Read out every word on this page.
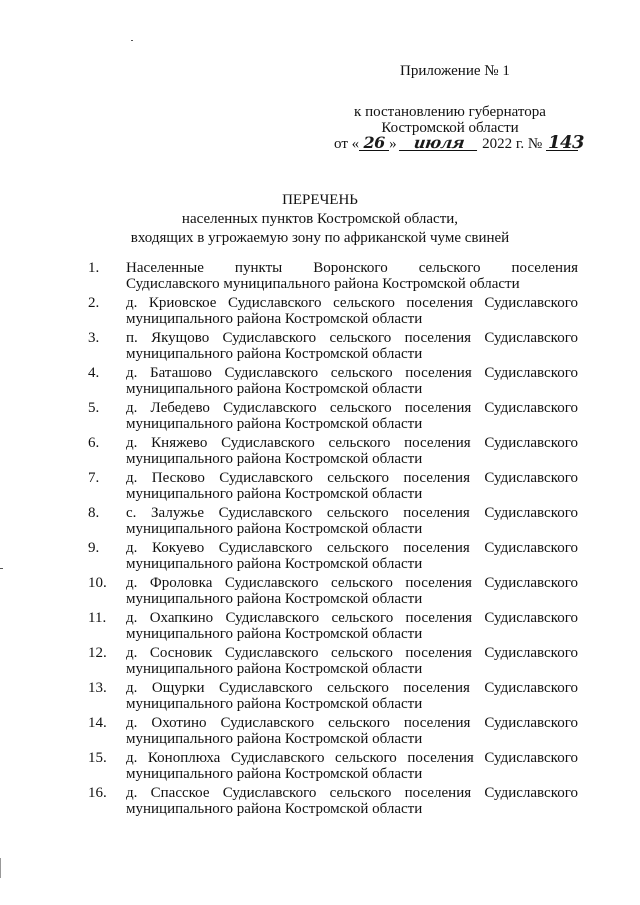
Приложение № 1
к постановлению губернатора
Костромской области
от « 26 » июля 2022 г. № 143
ПЕРЕЧЕНЬ
населенных пунктов Костромской области,
входящих в угрожаемую зону по африканской чуме свиней
1.	Населенные пункты Воронского сельского поселения
Судиславского муниципального района Костромской области
2.	д. Криовское Судиславского сельского поселения Судиславского
муниципального района Костромской области
3.	п. Якущово Судиславского сельского поселения Судиславского
муниципального района Костромской области
4.	д. Баташово Судиславского сельского поселения Судиславского
муниципального района Костромской области
5.	д. Лебедево Судиславского сельского поселения Судиславского
муниципального района Костромской области
6.	д. Княжево Судиславского сельского поселения Судиславского
муниципального района Костромской области
7.	д. Песково Судиславского сельского поселения Судиславского
муниципального района Костромской области
8.	с. Залужье Судиславского сельского поселения Судиславского
муниципального района Костромской области
9.	д. Кокуево Судиславского сельского поселения Судиславского
муниципального района Костромской области
10.	д. Фроловка Судиславского сельского поселения Судиславского
муниципального района Костромской области
11.	д. Охапкино Судиславского сельского поселения Судиславского
муниципального района Костромской области
12.	д. Сосновик Судиславского сельского поселения Судиславского
муниципального района Костромской области
13.	д. Ощурки Судиславского сельского поселения Судиславского
муниципального района Костромской области
14.	д. Охотино Судиславского сельского поселения Судиславского
муниципального района Костромской области
15.	д. Коноплюха Судиславского сельского поселения Судиславского
муниципального района Костромской области
16.	д. Спасское Судиславского сельского поселения Судиславского
муниципального района Костромской области
